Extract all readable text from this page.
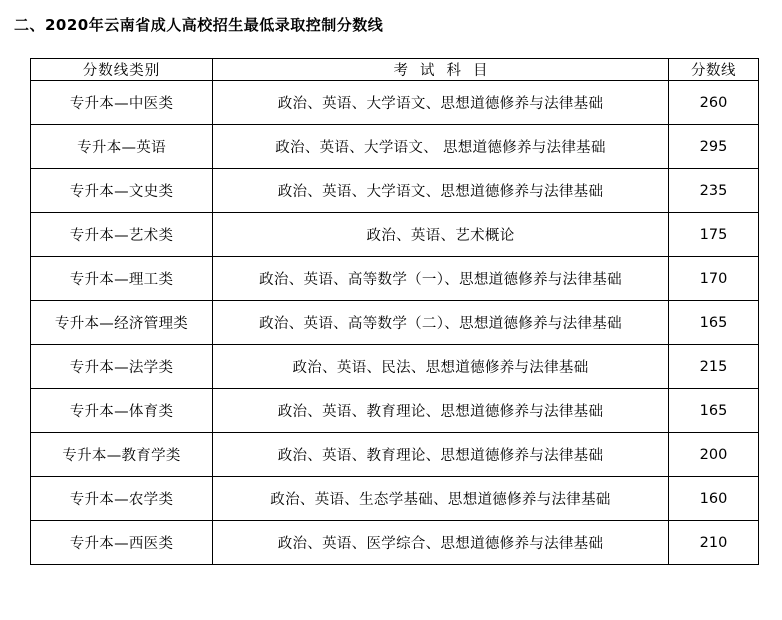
二、2020年云南省成人高校招生最低录取控制分数线
分数线类别	考试科目	分数线
专升本—中医类	政治、英语、大学语文、思想道德修养与法律基础	260
专升本—英语	政治、英语、大学语文、 思想道德修养与法律基础	295
专升本—文史类	政治、英语、大学语文、思想道德修养与法律基础	235
专升本—艺术类	政治、英语、艺术概论	175
专升本—理工类	政治、英语、高等数学（一）、思想道德修养与法律基础	170
专升本—经济管理类	政治、英语、高等数学（二）、思想道德修养与法律基础	165
专升本—法学类	政治、英语、民法、思想道德修养与法律基础	215
专升本—体育类	政治、英语、教育理论、思想道德修养与法律基础	165
专升本—教育学类	政治、英语、教育理论、思想道德修养与法律基础	200
专升本—农学类	政治、英语、生态学基础、思想道德修养与法律基础	160
专升本—西医类	政治、英语、医学综合、思想道德修养与法律基础	210
